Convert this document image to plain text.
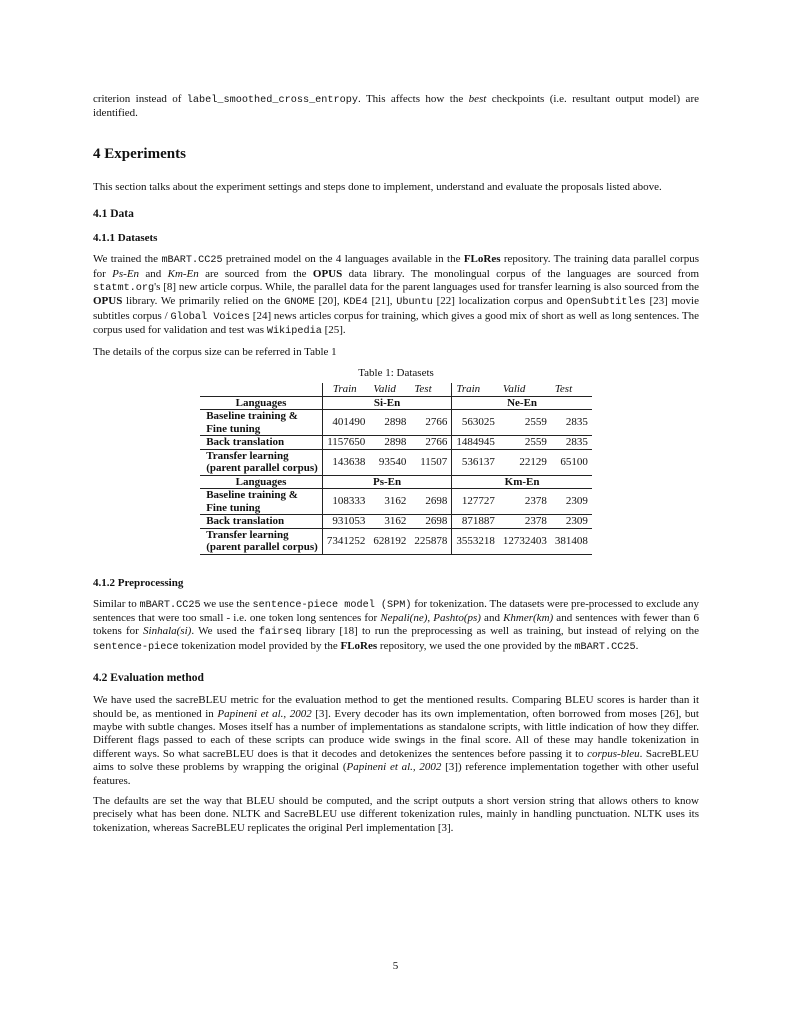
criterion instead of label_smoothed_cross_entropy. This affects how the best checkpoints (i.e. resultant output model) are identified.

4 Experiments

This section talks about the experiment settings and steps done to implement, understand and evaluate the proposals listed above.

4.1 Data
4.1.1 Datasets

We trained the mBART.CC25 pretrained model on the 4 languages available in the FLoRes repository. The training data parallel corpus for Ps-En and Km-En are sourced from the OPUS data library. The monolingual corpus of the languages are sourced from statmt.org's [8] new article corpus. While, the parallel data for the parent languages used for transfer learning is also sourced from the OPUS library. We primarily relied on the GNOME [20], KDE4 [21], Ubuntu [22] localization corpus and OpenSubtitles [23] movie subtitles corpus / Global Voices [24] news articles corpus for training, which gives a good mix of short as well as long sentences. The corpus used for validation and test was Wikipedia [25].

The details of the corpus size can be referred in Table 1

Table 1: Datasets
	Train	Valid	Test	Train	Valid	Test
Languages	Si-En			Ne-En		
Baseline training &
Fine tuning	401490	2898	2766	563025	2559	2835
Back translation	1157650	2898	2766	1484945	2559	2835
Transfer learning
(parent parallel corpus)	143638	93540	11507	536137	22129	65100
Languages	Ps-En			Km-En		
Baseline training &
Fine tuning	108333	3162	2698	127727	2378	2309
Back translation	931053	3162	2698	871887	2378	2309
Transfer learning
(parent parallel corpus)	7341252	628192	225878	3553218	12732403	381408
4.1.2 Preprocessing

Similar to mBART.CC25 we use the sentence-piece model (SPM) for tokenization. The datasets were pre-processed to exclude any sentences that were too small - i.e. one token long sentences for Nepali(ne), Pashto(ps) and Khmer(km) and sentences with fewer than 6 tokens for Sinhala(si). We used the fairseq library [18] to run the preprocessing as well as training, but instead of relying on the sentence-piece tokenization model provided by the FLoRes repository, we used the one provided by the mBART.CC25.

4.2 Evaluation method

We have used the sacreBLEU metric for the evaluation method to get the mentioned results. Comparing BLEU scores is harder than it should be, as mentioned in Papineni et al., 2002 [3]. Every decoder has its own implementation, often borrowed from moses [26], but maybe with subtle changes. Moses itself has a number of implementations as standalone scripts, with little indication of how they differ. Different flags passed to each of these scripts can produce wide swings in the final score. All of these may handle tokenization in different ways. So what sacreBLEU does is that it decodes and detokenizes the sentences before passing it to corpus-bleu. SacreBLEU aims to solve these problems by wrapping the original (Papineni et al., 2002 [3]) reference implementation together with other useful features.

The defaults are set the way that BLEU should be computed, and the script outputs a short version string that allows others to know precisely what has been done. NLTK and SacreBLEU use different tokenization rules, mainly in handling punctuation. NLTK uses its tokenization, whereas SacreBLEU replicates the original Perl implementation [3].

5
